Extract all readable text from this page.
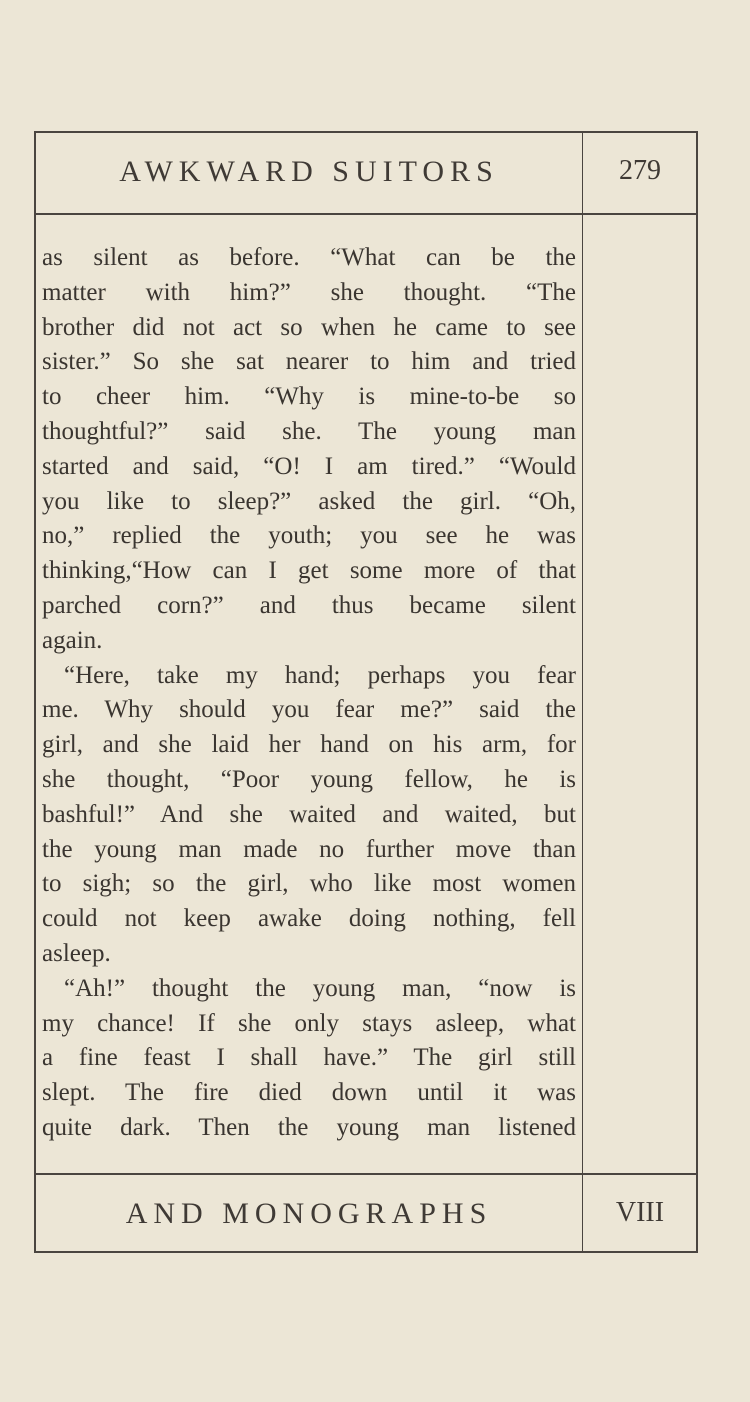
AWKWARD SUITORS	279
as silent as before. “What can be the
matter with him?” she thought. “The
brother did not act so when he came to see
sister.” So she sat nearer to him and tried
to cheer him. “Why is mine-to-be so
thoughtful?” said she. The young man
started and said, “O! I am tired.” “Would
you like to sleep?” asked the girl. “Oh,
no,” replied the youth; you see he was
thinking,“How can I get some more of that
parched corn?” and thus became silent
again.
“Here, take my hand; perhaps you fear
me. Why should you fear me?” said the
girl, and she laid her hand on his arm, for
she thought, “Poor young fellow, he is
bashful!” And she waited and waited, but
the young man made no further move than
to sigh; so the girl, who like most women
could not keep awake doing nothing, fell
asleep.
“Ah!” thought the young man, “now is
my chance! If she only stays asleep, what
a fine feast I shall have.” The girl still
slept. The fire died down until it was
quite dark. Then the young man listened
AND MONOGRAPHS	VIII
